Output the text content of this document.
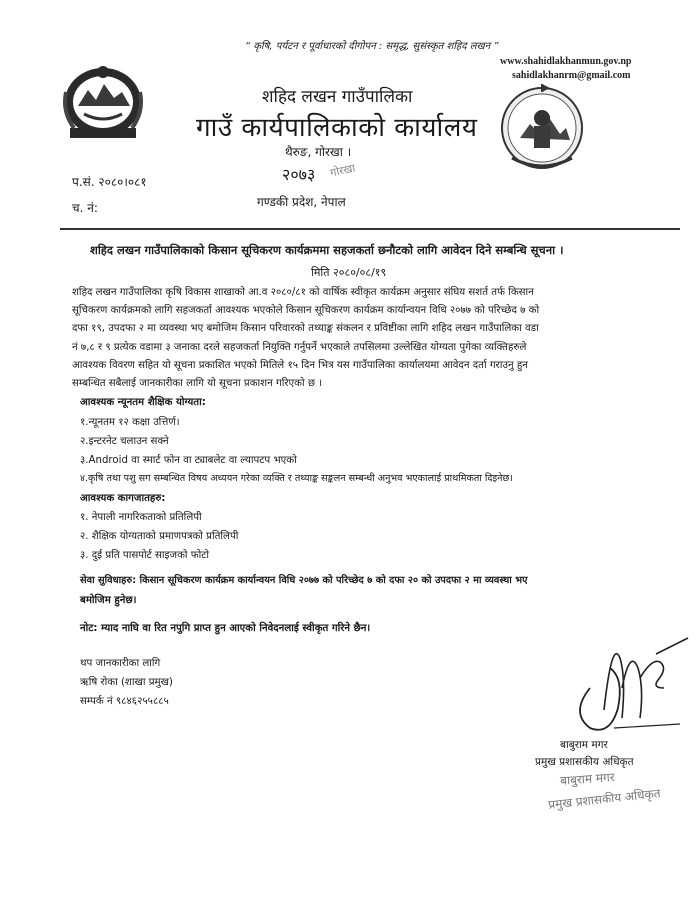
“ कृषि, पर्यटन र पूर्वाधारको दीगोपन : समृद्ध, सुसंस्कृत शहिद लखन ”
www.shahidlakhanmun.gov.np
sahidlakhanrm@gmail.com
शहिद लखन गाउँपालिका
गाउँ कार्यपालिकाको कार्यालय
थैरुङ, गोरखा ।
२०७३ गोरखा
गण्डकी प्रदेश, नेपाल
प.सं. २०८०।०८१
च. नं:
शहिद लखन गाउँपालिकाको किसान सूचिकरण कार्यक्रममा सहजकर्ता छनौटको लागि आवेदन दिने सम्बन्धि सूचना ।
मिति २०८०/०८/१९
शहिद लखन गाउँपालिका कृषि विकास शाखाको आ.व २०८०/८१ को वार्षिक स्वीकृत कार्यक्रम अनुसार संघिय सशर्त तर्फ किसान
सूचिकरण कार्यक्रमको लागि सहजकर्ता आवश्यक भएकोले किसान सूचिकरण कार्यक्रम कार्यान्वयन विधि २०७७ को परिच्छेद ७ को
दफा १९, उपदफा २ मा व्यवस्था भए बमोजिम किसान परिवारको तथ्याङ्क संकलन र प्रविष्टीका लागि शहिद लखन गाउँपालिका वडा
नं ७,८ र ९ प्रत्येक वडामा ३ जनाका दरले सहजकर्ता नियुक्ति गर्नुपर्ने भएकाले तपसिलमा उल्लेखित योग्यता पुगेका व्यक्तिहरुले
आवश्यक विवरण सहित यो सूचना प्रकाशित भएको मितिले १५ दिन भित्र यस गाउँपालिका कार्यालयमा आवेदन दर्ता गराउनु हुन
सम्बन्धित सबैलाई जानकारीका लागि यो सूचना प्रकाशन गरिएको छ ।
आवश्यक न्यूनतम शैक्षिक योग्यता:
१.न्यूनतम १२ कक्षा उत्तिर्ण।
२.इन्टरनेट चलाउन सक्ने
३.Android वा स्मार्ट फोन वा ट्याबलेट वा ल्यापटप भएको
४.कृषि तथा पशु सग सम्बन्धित विषय अध्ययन गरेका व्यक्ति र तथ्याङ्क सङ्कलन सम्बन्धी अनुभव भएकालाई प्राथमिकता दिइनेछ।
आवश्यक कागजातहरु:
१. नेपाली नागरिकताको प्रतिलिपी
२. शैक्षिक योग्यताको प्रमाणपत्रको प्रतिलिपी
३. दुई प्रति पासपोर्ट साइजको फोटो
सेवा सुविधाहरु: किसान सूचिकरण कार्यक्रम कार्यान्वयन विधि २०७७ को परिच्छेद ७ को दफा २० को उपदफा २ मा व्यवस्था भए
बमोजिम हुनेछ।
नोट: म्याद नाघि वा रित नपुगि प्राप्त हुन आएको निवेदनलाई स्वीकृत गरिने छैन।
थप जानकारीका लागि
ऋषि रोका (शाखा प्रमुख)
सम्पर्क नं ९८४६२५५८८५
बाबुराम मगर
प्रमुख प्रशासकीय अधिकृत
बाबुराम मगर
प्रमुख प्रशासकीय अधिकृत
